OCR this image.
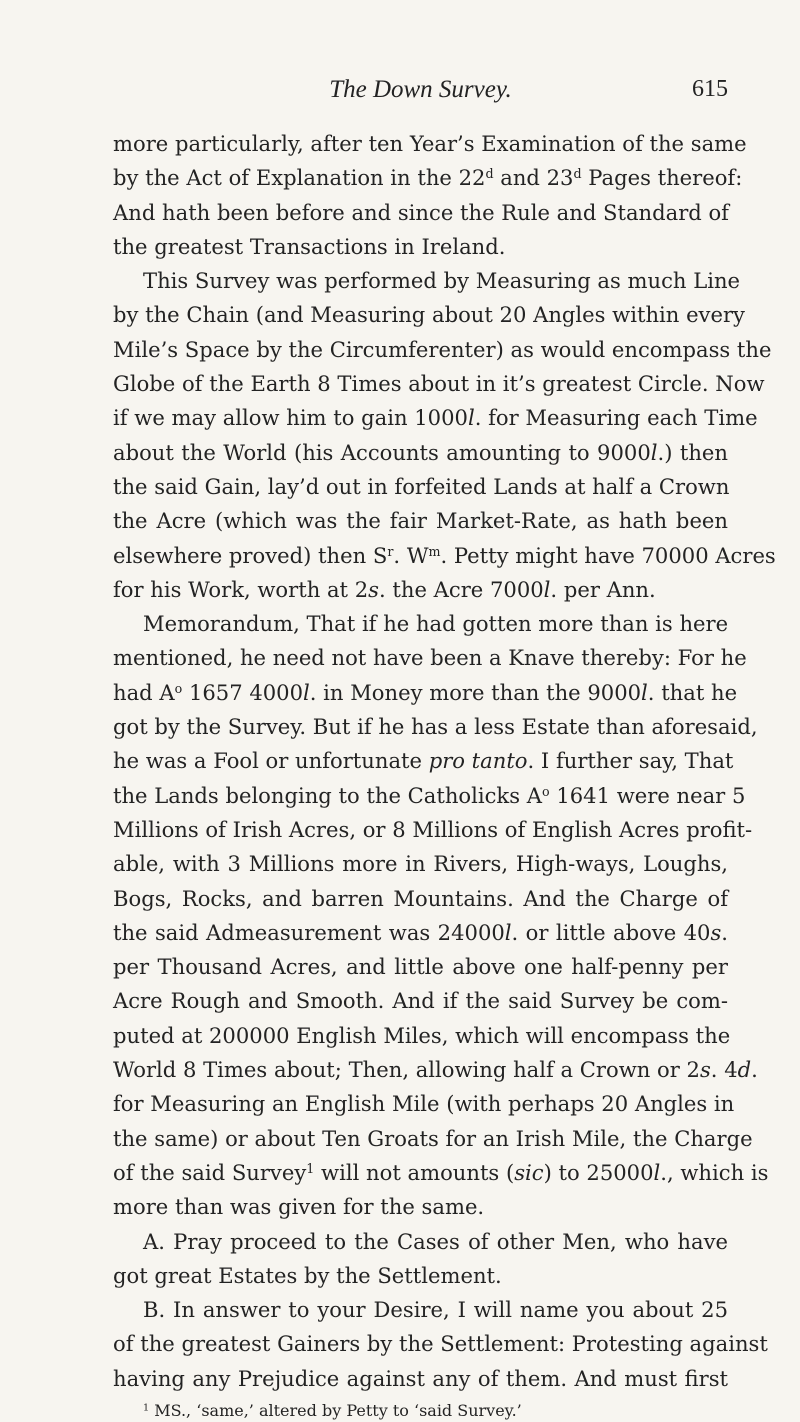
The Down Survey.	615
more particularly, after ten Year’s Examination of the same
by the Act of Explanation in the 22$^d$ and 23$^d$ Pages thereof:
And hath been before and since the Rule and Standard of
the greatest Transactions in Ireland.
This Survey was performed by Measuring as much Line
by the Chain (and Measuring about 20 Angles within every
Mile’s Space by the Circumferenter) as would encompass the
Globe of the Earth 8 Times about in it’s greatest Circle. Now
if we may allow him to gain 1000l. for Measuring each Time
about the World (his Accounts amounting to 9000l.) then
the said Gain, lay’d out in forfeited Lands at half a Crown
the Acre (which was the fair Market-Rate, as hath been
elsewhere proved) then $S^r$. $W^m$. Petty might have 70000 Acres
for his Work, worth at 2s. the Acre 7000l. per Ann.
Memorandum, That if he had gotten more than is here
mentioned, he need not have been a Knave thereby: For he
had $A^o$ 1657 4000l. in Money more than the 9000l. that he
got by the Survey. But if he has a less Estate than aforesaid,
he was a Fool or unfortunate pro tanto. I further say, That
the Lands belonging to the Catholicks $A^o$ 1641 were near 5
Millions of Irish Acres, or 8 Millions of English Acres profit-
able, with 3 Millions more in Rivers, High-ways, Loughs,
Bogs, Rocks, and barren Mountains. And the Charge of
the said Admeasurement was 24000l. or little above 40s.
per Thousand Acres, and little above one half-penny per
Acre Rough and Smooth. And if the said Survey be com-
puted at 200000 English Miles, which will encompass the
World 8 Times about; Then, allowing half a Crown or 2s. 4d.
for Measuring an English Mile (with perhaps 20 Angles in
the same) or about Ten Groats for an Irish Mile, the Charge
of the said Survey$^1$ will not amounts (sic) to 25000l., which is
more than was given for the same.
A. Pray proceed to the Cases of other Men, who have
got great Estates by the Settlement.
B. In answer to your Desire, I will name you about 25
of the greatest Gainers by the Settlement: Protesting against
having any Prejudice against any of them. And must first
$^1$ MS., ‘same,’ altered by Petty to ‘said Survey.’
